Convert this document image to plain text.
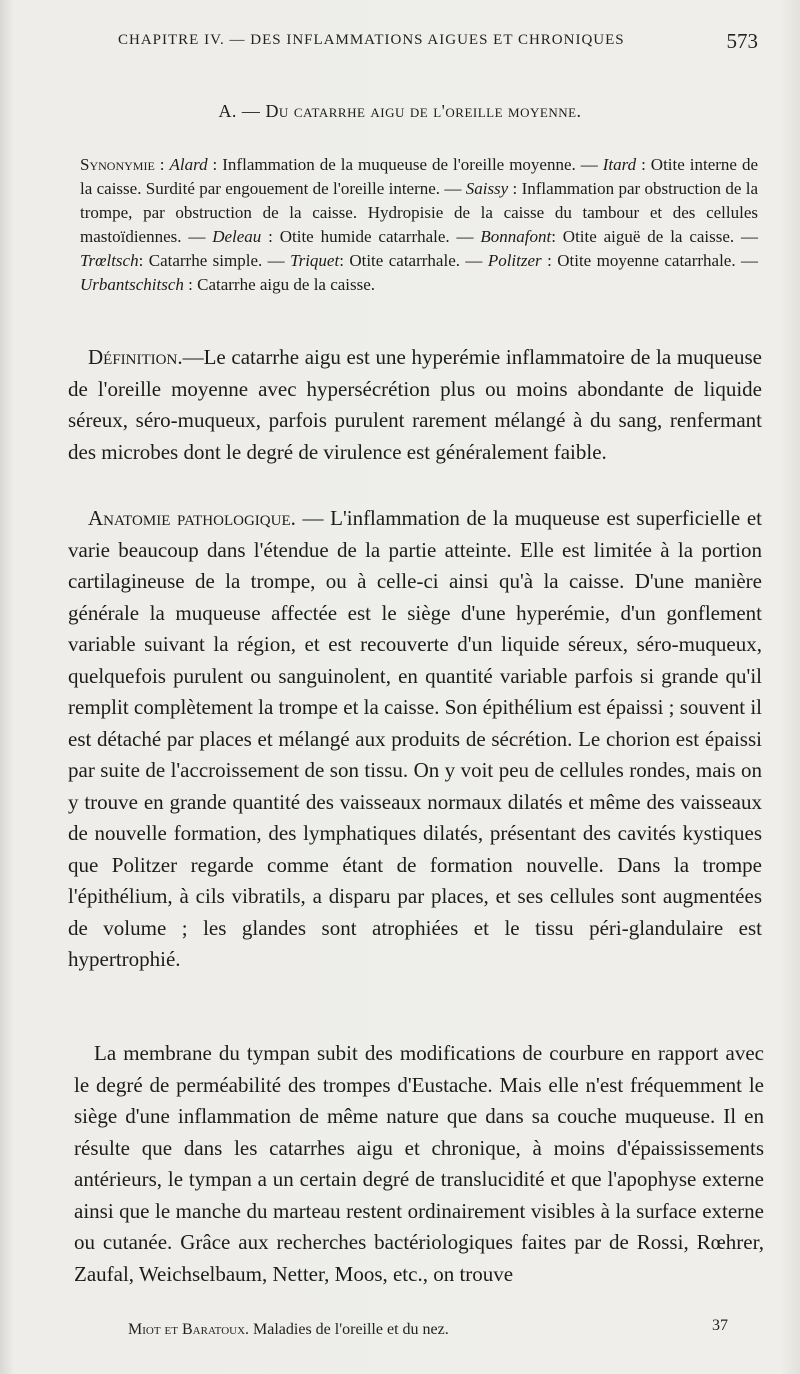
CHAPITRE IV. — DES INFLAMMATIONS AIGUES ET CHRONIQUES	573
A. — Du catarrhe aigu de l'oreille moyenne.

Synonymie : Alard : Inflammation de la muqueuse de l'oreille moyenne. — Itard : Otite interne de la caisse. Surdité par engouement de l'oreille interne. — Saissy : Inflammation par obstruction de la trompe, par obstruction de la caisse. Hydropisie de la caisse du tambour et des cellules mastoïdiennes. — Deleau : Otite humide catarrhale. — Bonnafont: Otite aiguë de la caisse. — Trœltsch: Catarrhe simple. — Triquet: Otite catarrhale. — Politzer : Otite moyenne catarrhale. — Urbantschitsch : Catarrhe aigu de la caisse.

Définition.—Le catarrhe aigu est une hyperémie inflammatoire de la muqueuse de l'oreille moyenne avec hypersécrétion plus ou moins abondante de liquide séreux, séro-muqueux, parfois purulent rarement mélangé à du sang, renfermant des microbes dont le degré de virulence est généralement faible.

Anatomie pathologique. — L'inflammation de la muqueuse est superficielle et varie beaucoup dans l'étendue de la partie atteinte. Elle est limitée à la portion cartilagineuse de la trompe, ou à celle-ci ainsi qu'à la caisse. D'une manière générale la muqueuse affectée est le siège d'une hyperémie, d'un gonflement variable suivant la région, et est recouverte d'un liquide séreux, séro-muqueux, quelquefois purulent ou sanguinolent, en quantité variable parfois si grande qu'il remplit complètement la trompe et la caisse. Son épithélium est épaissi ; souvent il est détaché par places et mélangé aux produits de sécrétion. Le chorion est épaissi par suite de l'accroissement de son tissu. On y voit peu de cellules rondes, mais on y trouve en grande quantité des vaisseaux normaux dilatés et même des vaisseaux de nouvelle formation, des lymphatiques dilatés, présentant des cavités kystiques que Politzer regarde comme étant de formation nouvelle. Dans la trompe l'épithélium, à cils vibratils, a disparu par places, et ses cellules sont augmentées de volume ; les glandes sont atrophiées et le tissu péri-glandulaire est hypertrophié.

La membrane du tympan subit des modifications de courbure en rapport avec le degré de perméabilité des trompes d'Eustache. Mais elle n'est fréquemment le siège d'une inflammation de même nature que dans sa couche muqueuse. Il en résulte que dans les catarrhes aigu et chronique, à moins d'épaississements antérieurs, le tympan a un certain degré de translucidité et que l'apophyse externe ainsi que le manche du marteau restent ordinairement visibles à la surface externe ou cutanée. Grâce aux recherches bactériologiques faites par de Rossi, Rœhrer, Zaufal, Weichselbaum, Netter, Moos, etc., on trouve

Miot et Baratoux. Maladies de l'oreille et du nez.	37
